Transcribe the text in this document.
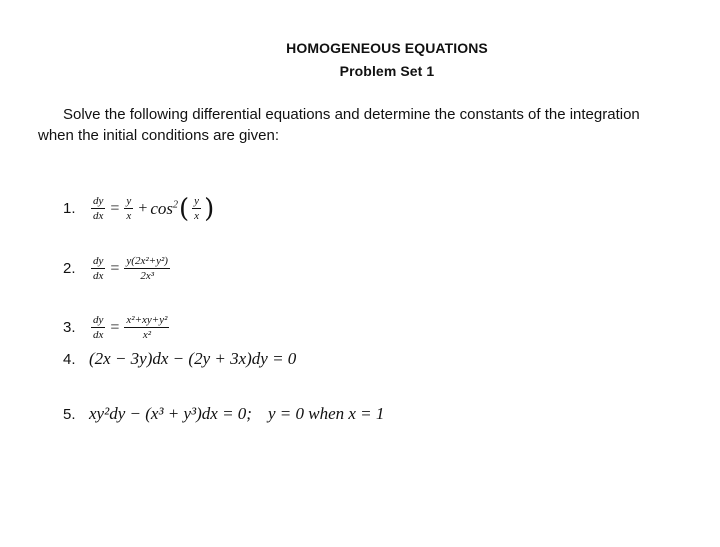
HOMOGENEOUS EQUATIONS
Problem Set 1
Solve the following differential equations and determine the constants of the integration
when the initial conditions are given:
1.	$\frac{dy}{dx} = \frac{y}{x} + \cos^2$ ( $\frac{y}{x}$ )
2.	$\frac{dy}{dx} = \frac{\text{y(2x²+y²)}}{\text{2x³}}$
3.	$\frac{dy}{dx} = \frac{\text{x²+xy+y²}}{\text{x²}}$
4. (2x − 3y)dx − (2y + 3x)dy = 0
5. xy²dy − (x³ + y³)dx = 0; y = 0 when x = 1
